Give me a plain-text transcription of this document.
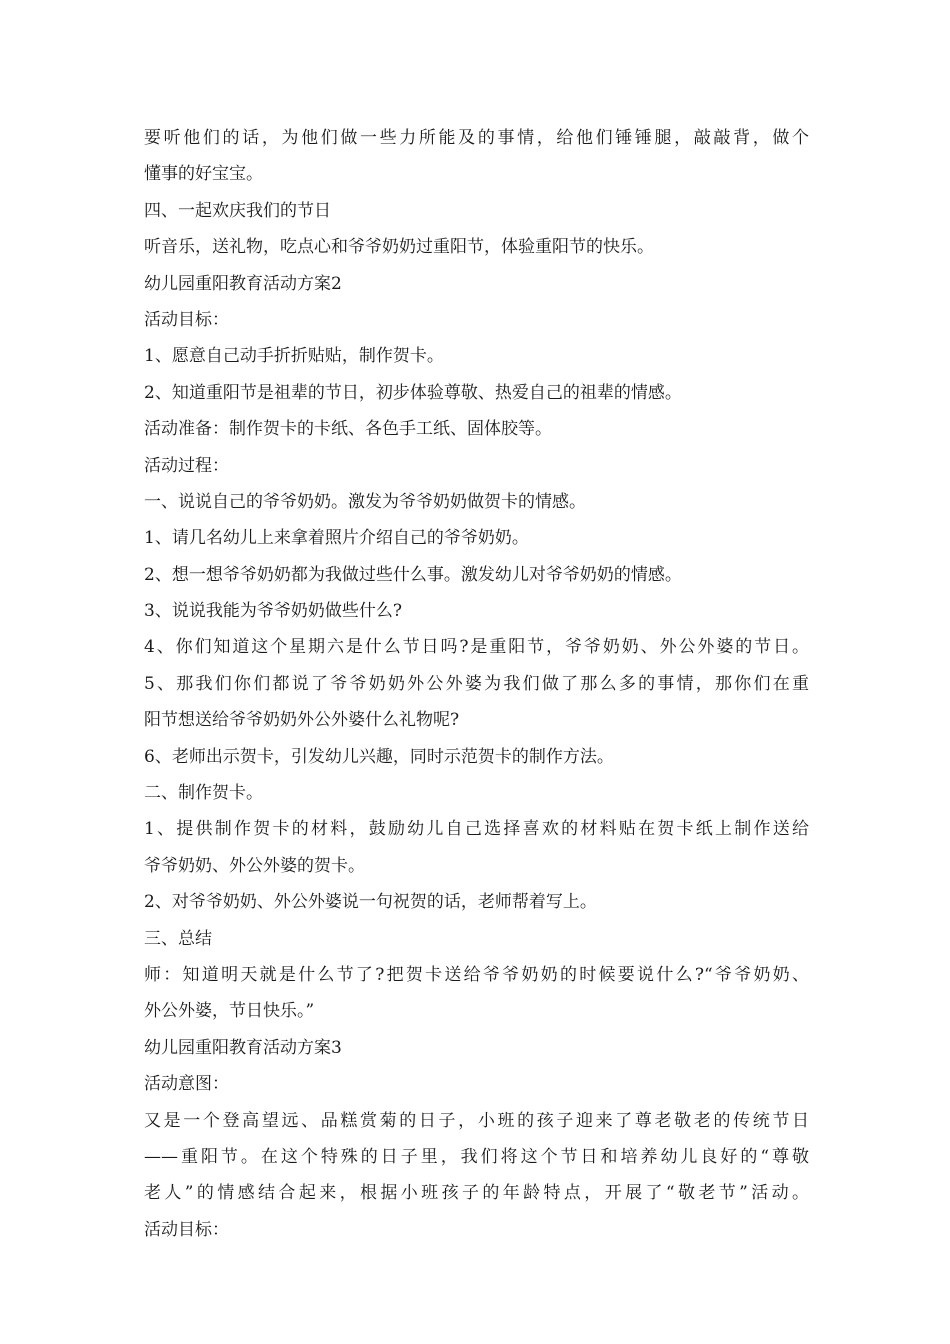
要听他们的话，为他们做一些力所能及的事情，给他们锤锤腿，敲敲背，做个
懂事的好宝宝。
四、一起欢庆我们的节日
听音乐，送礼物，吃点心和爷爷奶奶过重阳节，体验重阳节的快乐。
幼儿园重阳教育活动方案2
活动目标：
1、愿意自己动手折折贴贴，制作贺卡。
2、知道重阳节是祖辈的节日，初步体验尊敬、热爱自己的祖辈的情感。
活动准备：制作贺卡的卡纸、各色手工纸、固体胶等。
活动过程：
一、说说自己的爷爷奶奶。激发为爷爷奶奶做贺卡的情感。
1、请几名幼儿上来拿着照片介绍自己的爷爷奶奶。
2、想一想爷爷奶奶都为我做过些什么事。激发幼儿对爷爷奶奶的情感。
3、说说我能为爷爷奶奶做些什么?
4、你们知道这个星期六是什么节日吗?是重阳节，爷爷奶奶、外公外婆的节日。
5、那我们你们都说了爷爷奶奶外公外婆为我们做了那么多的事情，那你们在重
阳节想送给爷爷奶奶外公外婆什么礼物呢?
6、老师出示贺卡，引发幼儿兴趣，同时示范贺卡的制作方法。
二、制作贺卡。
1、提供制作贺卡的材料，鼓励幼儿自己选择喜欢的材料贴在贺卡纸上制作送给
爷爷奶奶、外公外婆的贺卡。
2、对爷爷奶奶、外公外婆说一句祝贺的话，老师帮着写上。
三、总结
师：知道明天就是什么节了?把贺卡送给爷爷奶奶的时候要说什么?“爷爷奶奶、
外公外婆，节日快乐。”
幼儿园重阳教育活动方案3
活动意图：
又是一个登高望远、品糕赏菊的日子，小班的孩子迎来了尊老敬老的传统节日
——重阳节。在这个特殊的日子里，我们将这个节日和培养幼儿良好的“尊敬
老人”的情感结合起来，根据小班孩子的年龄特点，开展了“敬老节”活动。
活动目标：
